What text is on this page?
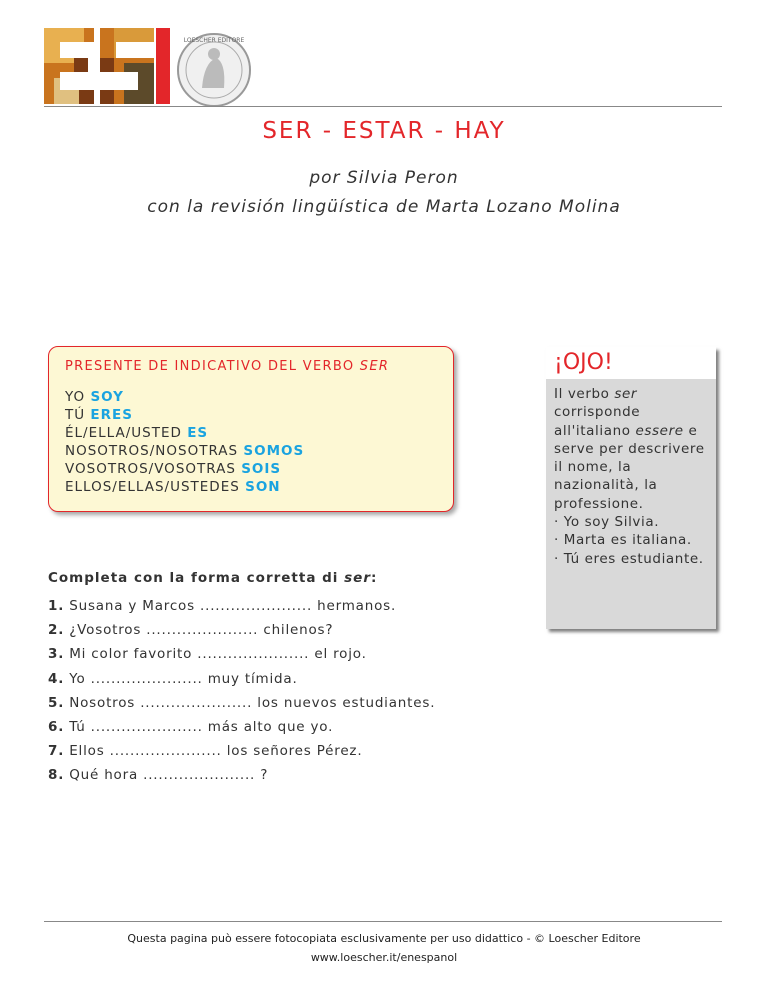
LOESCHER EDITORE
SER - ESTAR - HAY
por Silvia Peron
con la revisión lingüística de Marta Lozano Molina
PRESENTE DE INDICATIVO DEL VERBO SER
YO SOY
TÚ ERES
ÉL/ELLA/USTED ES
NOSOTROS/NOSOTRAS SOMOS
VOSOTROS/VOSOTRAS SOIS
ELLOS/ELLAS/USTEDES SON
¡OJO!
Il verbo ser corrisponde all'italiano essere e serve per descrivere il nome, la nazionalità, la professione.
· Yo soy Silvia.
· Marta es italiana.
· Tú eres estudiante.
Completa con la forma corretta di ser:
1. Susana y Marcos ...................... hermanos.
2. ¿Vosotros ...................... chilenos?
3. Mi color favorito ...................... el rojo.
4. Yo ...................... muy tímida.
5. Nosotros ...................... los nuevos estudiantes.
6. Tú ...................... más alto que yo.
7. Ellos ...................... los señores Pérez.
8. Qué hora ...................... ?
Questa pagina può essere fotocopiata esclusivamente per uso didattico - © Loescher Editore
www.loescher.it/enespanol
